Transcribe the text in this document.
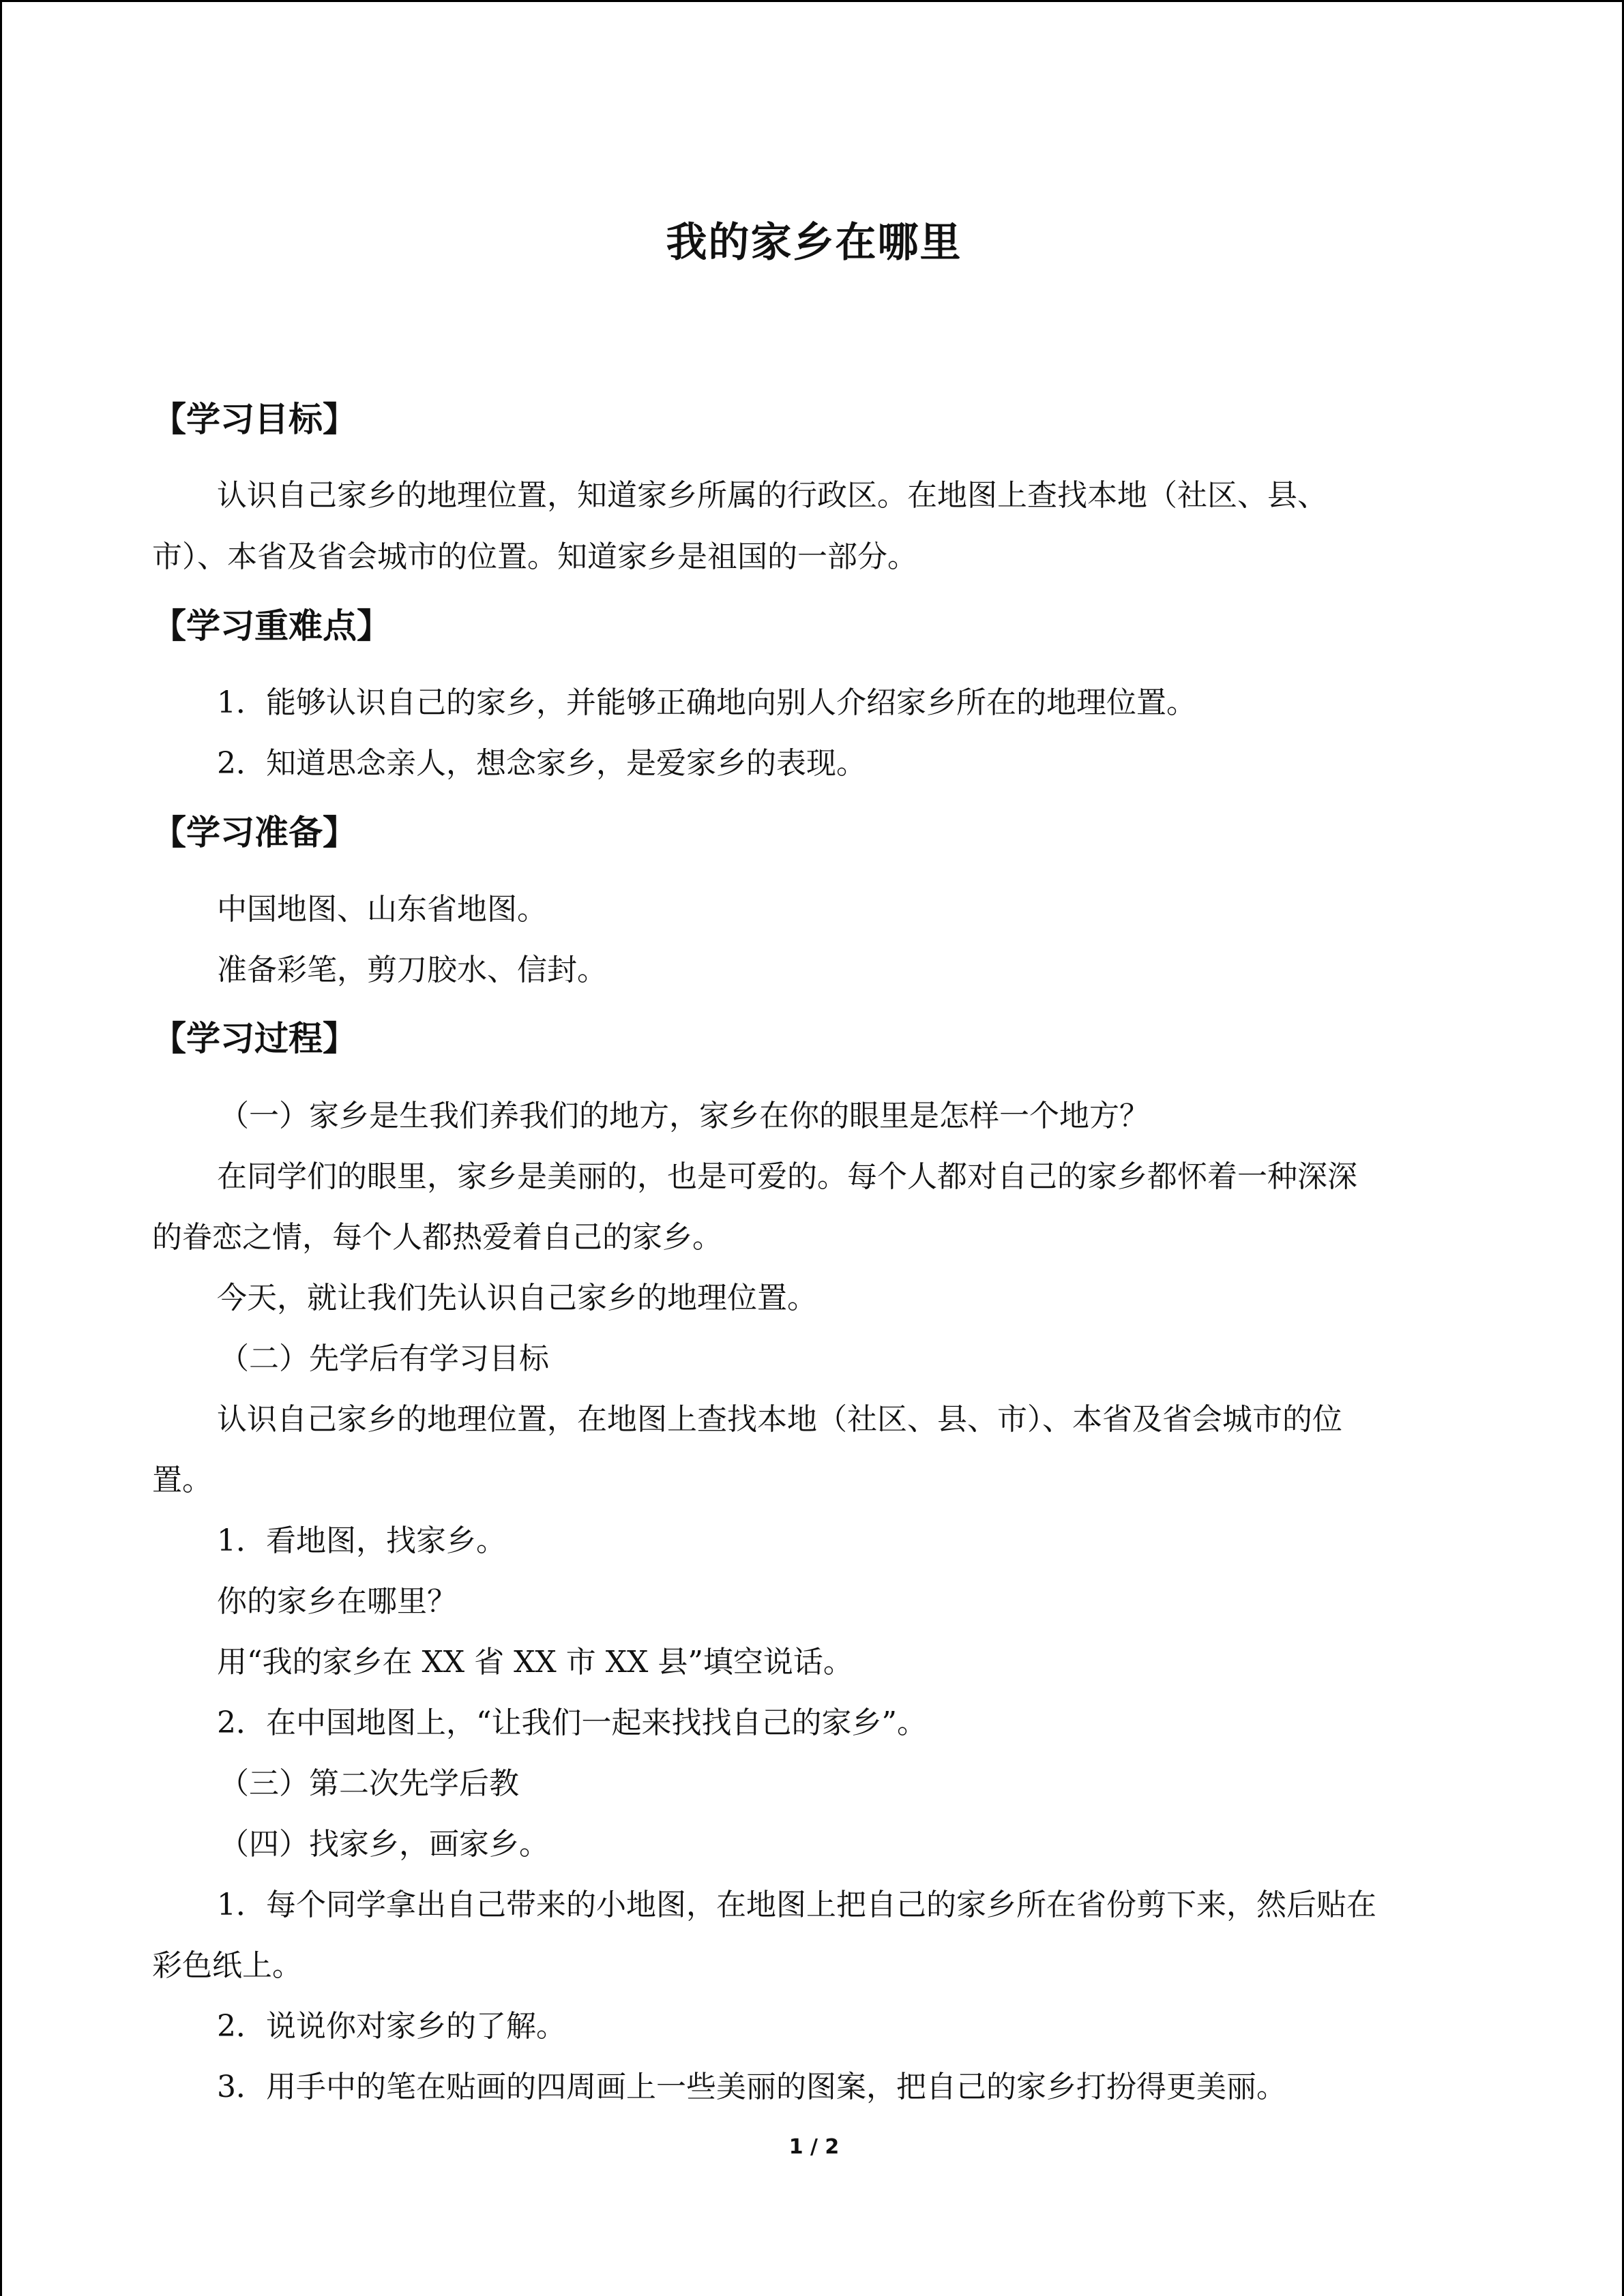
我的家乡在哪里
【学习目标】
认识自己家乡的地理位置，知道家乡所属的行政区。在地图上查找本地（社区、县、
市）、本省及省会城市的位置。知道家乡是祖国的一部分。
【学习重难点】
1．能够认识自己的家乡，并能够正确地向别人介绍家乡所在的地理位置。
2．知道思念亲人，想念家乡，是爱家乡的表现。
【学习准备】
中国地图、山东省地图。
准备彩笔，剪刀胶水、信封。
【学习过程】
（一）家乡是生我们养我们的地方，家乡在你的眼里是怎样一个地方？
在同学们的眼里，家乡是美丽的，也是可爱的。每个人都对自己的家乡都怀着一种深深
的眷恋之情，每个人都热爱着自己的家乡。
今天，就让我们先认识自己家乡的地理位置。
（二）先学后有学习目标
认识自己家乡的地理位置，在地图上查找本地（社区、县、市）、本省及省会城市的位
置。
1．看地图，找家乡。
你的家乡在哪里？
用“我的家乡在 XX 省 XX 市 XX 县”填空说话。
2．在中国地图上，“让我们一起来找找自己的家乡”。
（三）第二次先学后教
（四）找家乡，画家乡。
1．每个同学拿出自己带来的小地图，在地图上把自己的家乡所在省份剪下来，然后贴在
彩色纸上。
2．说说你对家乡的了解。
3．用手中的笔在贴画的四周画上一些美丽的图案，把自己的家乡打扮得更美丽。
1 / 2
